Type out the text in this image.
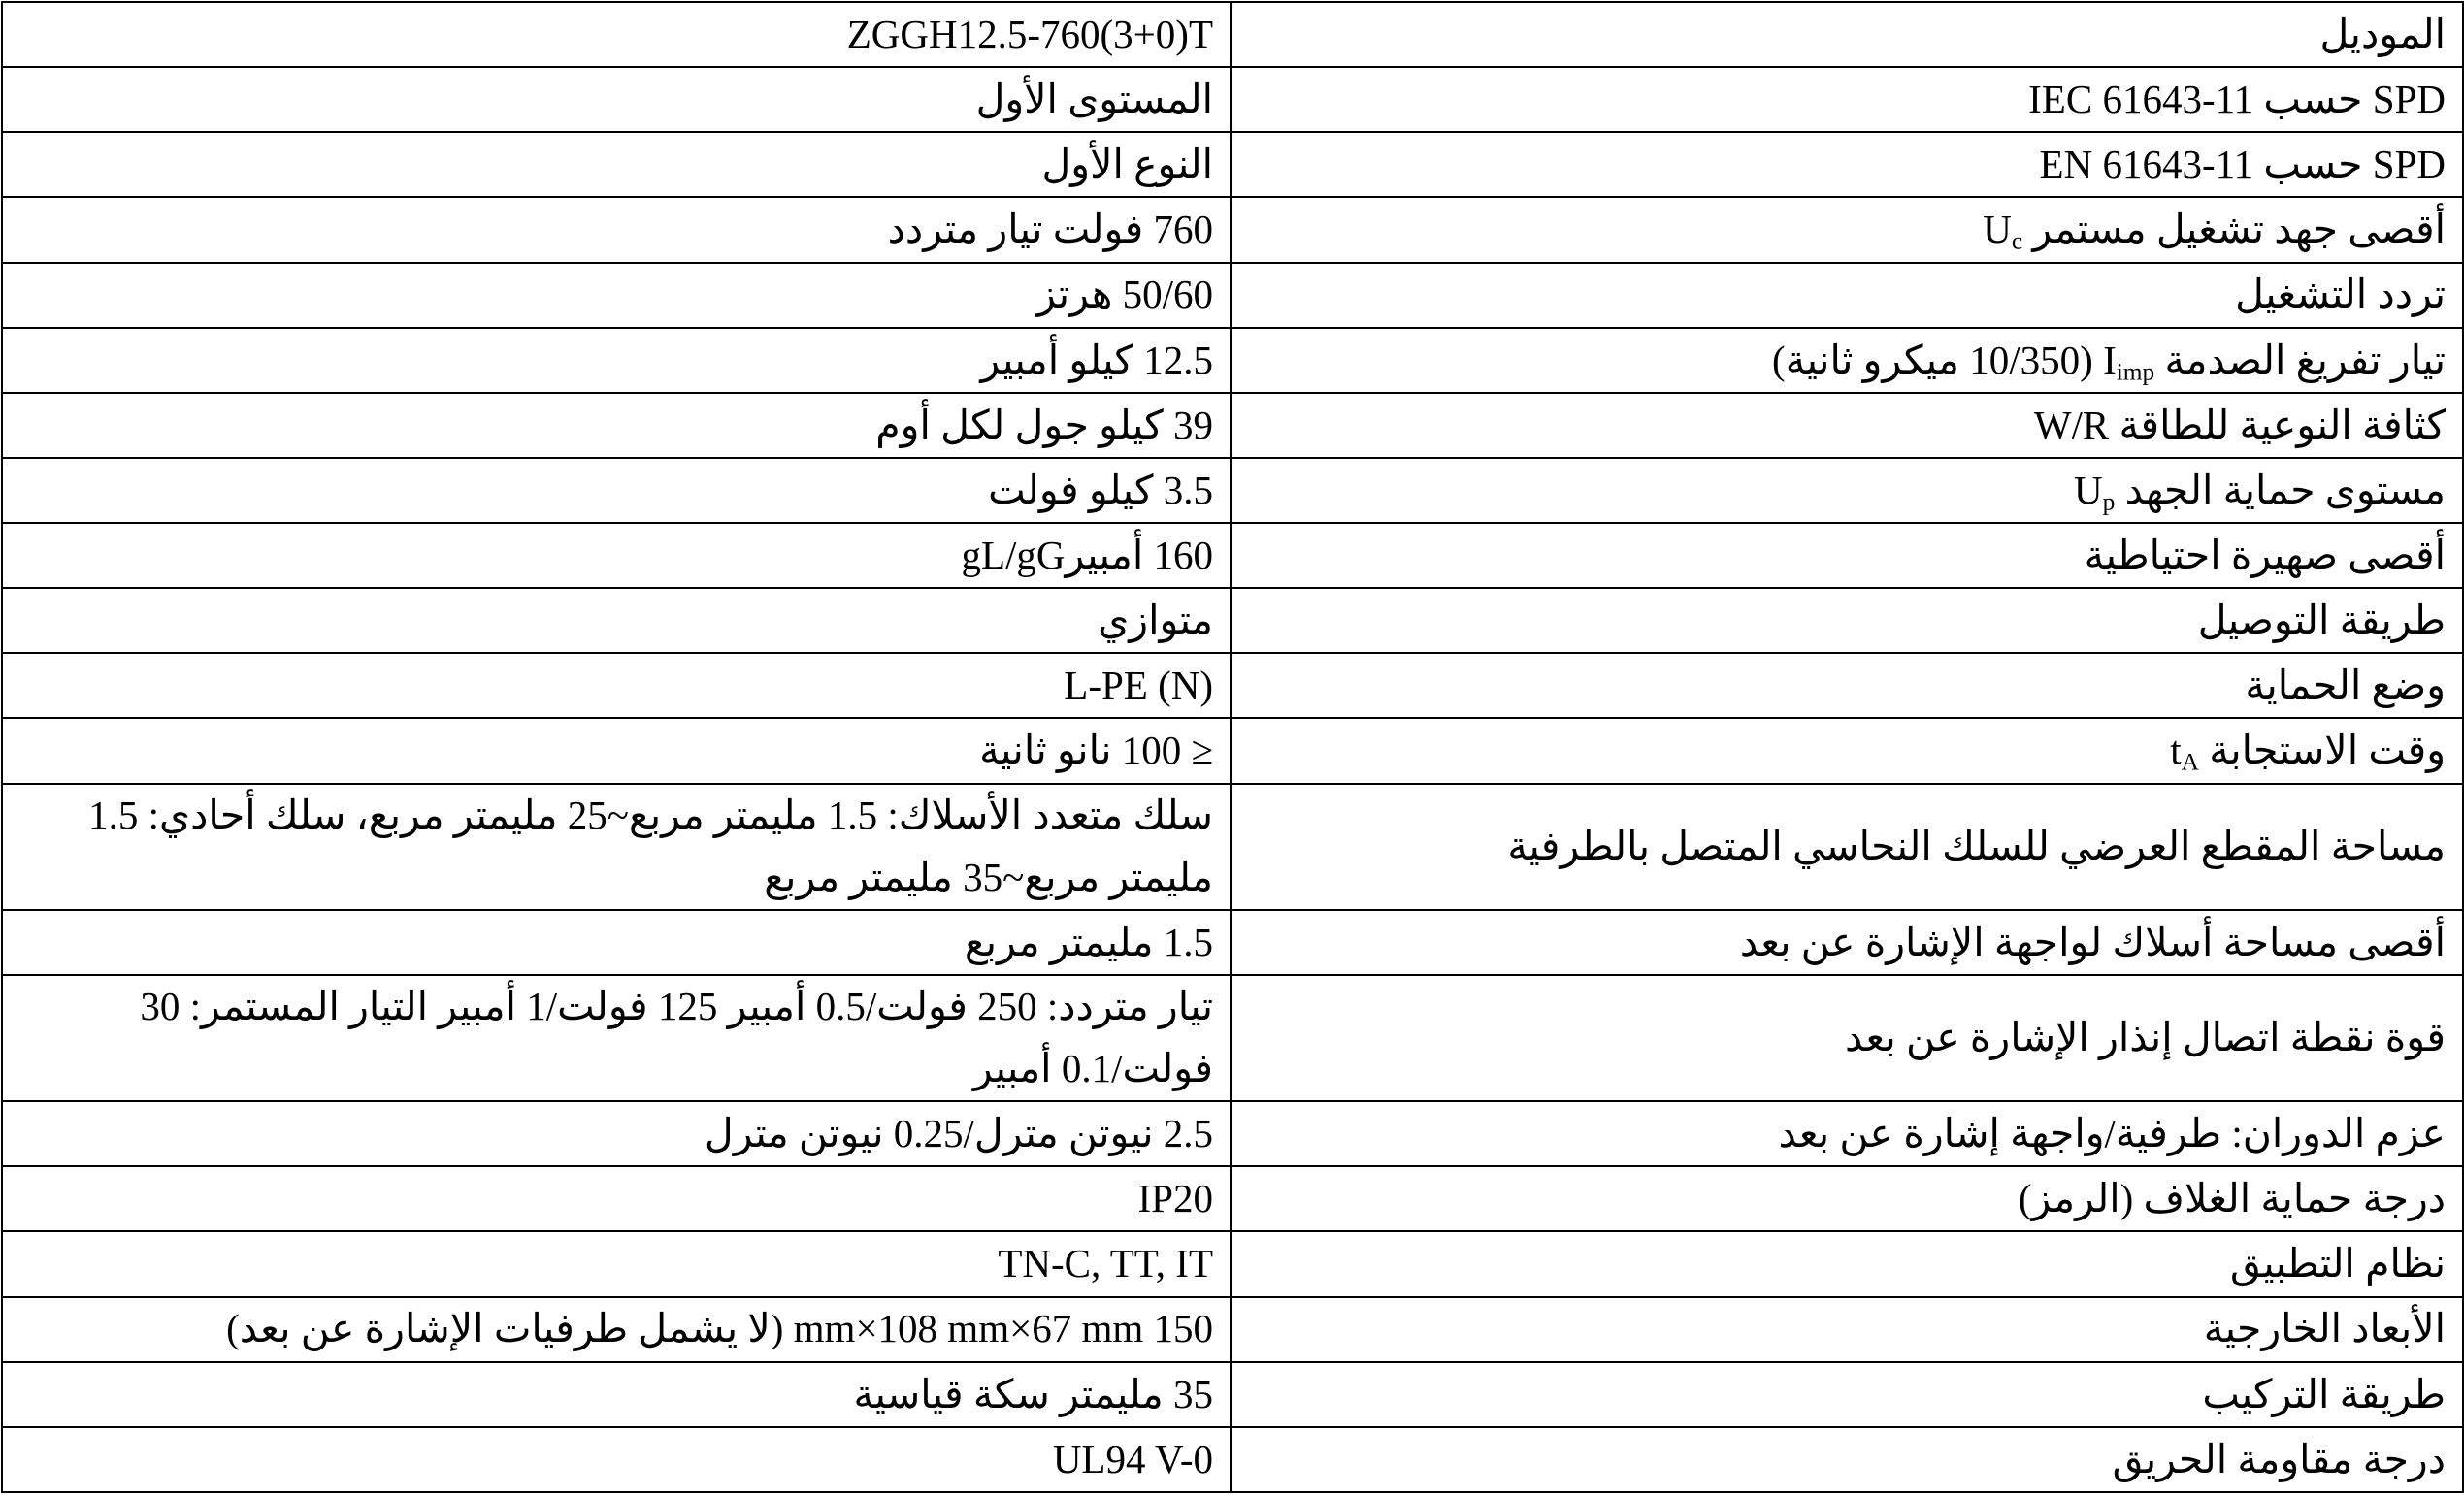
الموديل	ZGGH12.5-760(3+0)T
SPD حسب IEC 61643-11	المستوى الأول
SPD حسب EN 61643-11	النوع الأول
أقصى جهد تشغيل مستمر $U_c$	760 فولت تيار متردد
تردد التشغيل	50/60 هرتز
تيار تفريغ الصدمة $I_{imp}$ (10/350 ميكرو ثانية)	12.5 كيلو أمبير
كثافة النوعية للطاقة W/R	39 كيلو جول لكل أوم
مستوى حماية الجهد $U_p$	3.5 كيلو فولت
أقصى صهيرة احتياطية	160 أمبيرgL/gG
طريقة التوصيل	متوازي
وضع الحماية	L-PE (N)
وقت الاستجابة $t_A$	≤ 100 نانو ثانية
مساحة المقطع العرضي للسلك النحاسي المتصل بالطرفية	سلك متعدد الأسلاك: 1.5 مليمتر مربع~25 مليمتر مربع، سلك أحادي: 1.5 مليمتر مربع~35 مليمتر مربع
أقصى مساحة أسلاك لواجهة الإشارة عن بعد	1.5 مليمتر مربع
قوة نقطة اتصال إنذار الإشارة عن بعد	تيار متردد: 250 فولت/0.5 أمبير 125 فولت/1 أمبير التيار المستمر: 30 فولت/0.1 أمبير
عزم الدوران: طرفية/واجهة إشارة عن بعد	2.5 نيوتن مترل/0.25 نيوتن مترل
درجة حماية الغلاف (الرمز)	IP20
نظام التطبيق	TN-C, TT, IT
الأبعاد الخارجية	150 mm×108 mm×67 mm (لا يشمل طرفيات الإشارة عن بعد)
طريقة التركيب	35 مليمتر سكة قياسية
درجة مقاومة الحريق	UL94 V-0
